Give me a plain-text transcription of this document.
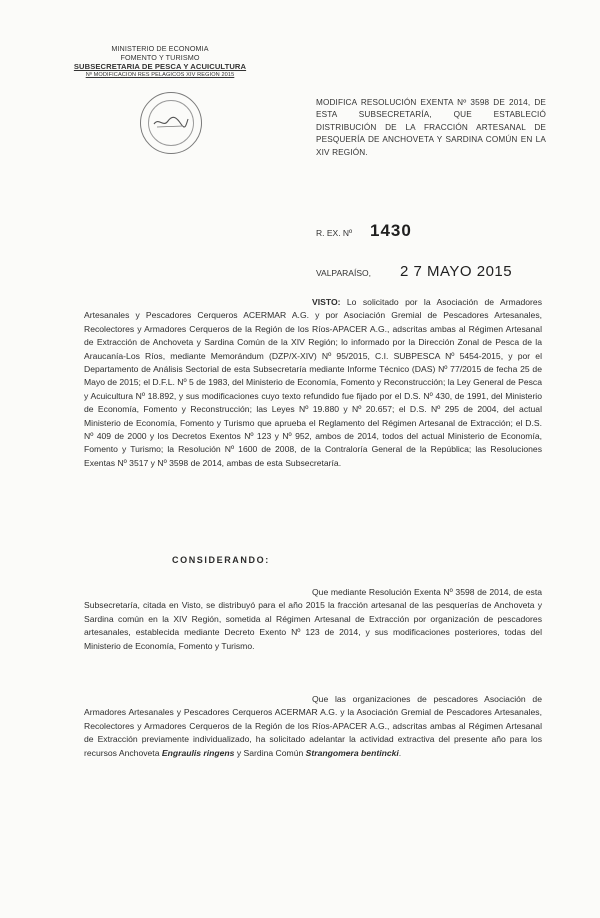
MINISTERIO DE ECONOMIA
FOMENTO Y TURISMO
SUBSECRETARIA DE PESCA Y ACUICULTURA
Nº MODIFICACION RES PELAGICOS XIV REGION 2015
MODIFICA RESOLUCIÓN EXENTA Nº 3598 DE 2014, DE ESTA SUBSECRETARÍA, QUE ESTABLECIÓ DISTRIBUCIÓN DE LA FRACCIÓN ARTESANAL DE PESQUERÍA DE ANCHOVETA Y SARDINA COMÚN EN LA XIV REGIÓN.
R. EX. Nº 1430
VALPARAÍSO, 2 7 MAYO 2015
VISTO: Lo solicitado por la Asociación de Armadores Artesanales y Pescadores Cerqueros ACERMAR A.G. y por Asociación Gremial de Pescadores Artesanales, Recolectores y Armadores Cerqueros de la Región de los Ríos-APACER A.G., adscritas ambas al Régimen Artesanal de Extracción de Anchoveta y Sardina Común de la XIV Región; lo informado por la Dirección Zonal de Pesca de la Araucanía-Los Ríos, mediante Memorándum (DZP/X-XIV) Nº 95/2015, C.I. SUBPESCA Nº 5454-2015, y por el Departamento de Análisis Sectorial de esta Subsecretaría mediante Informe Técnico (DAS) Nº 77/2015 de fecha 25 de Mayo de 2015; el D.F.L. Nº 5 de 1983, del Ministerio de Economía, Fomento y Reconstrucción; la Ley General de Pesca y Acuicultura Nº 18.892, y sus modificaciones cuyo texto refundido fue fijado por el D.S. Nº 430, de 1991, del Ministerio de Economía, Fomento y Reconstrucción; las Leyes Nº 19.880 y Nº 20.657; el D.S. Nº 295 de 2004, del actual Ministerio de Economía, Fomento y Turismo que aprueba el Reglamento del Régimen Artesanal de Extracción; el D.S. Nº 409 de 2000 y los Decretos Exentos Nº 123 y Nº 952, ambos de 2014, todos del actual Ministerio de Economía, Fomento y Turismo; la Resolución Nº 1600 de 2008, de la Contraloría General de la República; las Resoluciones Exentas Nº 3517 y Nº 3598 de 2014, ambas de esta Subsecretaría.
CONSIDERANDO:
Que mediante Resolución Exenta Nº 3598 de 2014, de esta Subsecretaría, citada en Visto, se distribuyó para el año 2015 la fracción artesanal de las pesquerías de Anchoveta y Sardina común en la XIV Región, sometida al Régimen Artesanal de Extracción por organización de pescadores artesanales, establecida mediante Decreto Exento Nº 123 de 2014, y sus modificaciones posteriores, todas del Ministerio de Economía, Fomento y Turismo.
Que las organizaciones de pescadores Asociación de Armadores Artesanales y Pescadores Cerqueros ACERMAR A.G. y la Asociación Gremial de Pescadores Artesanales, Recolectores y Armadores Cerqueros de la Región de los Ríos-APACER A.G., adscritas ambas al Régimen Artesanal de Extracción previamente individualizado, ha solicitado adelantar la actividad extractiva del presente año para los recursos Anchoveta Engraulis ringens y Sardina Común Strangomera bentincki.
